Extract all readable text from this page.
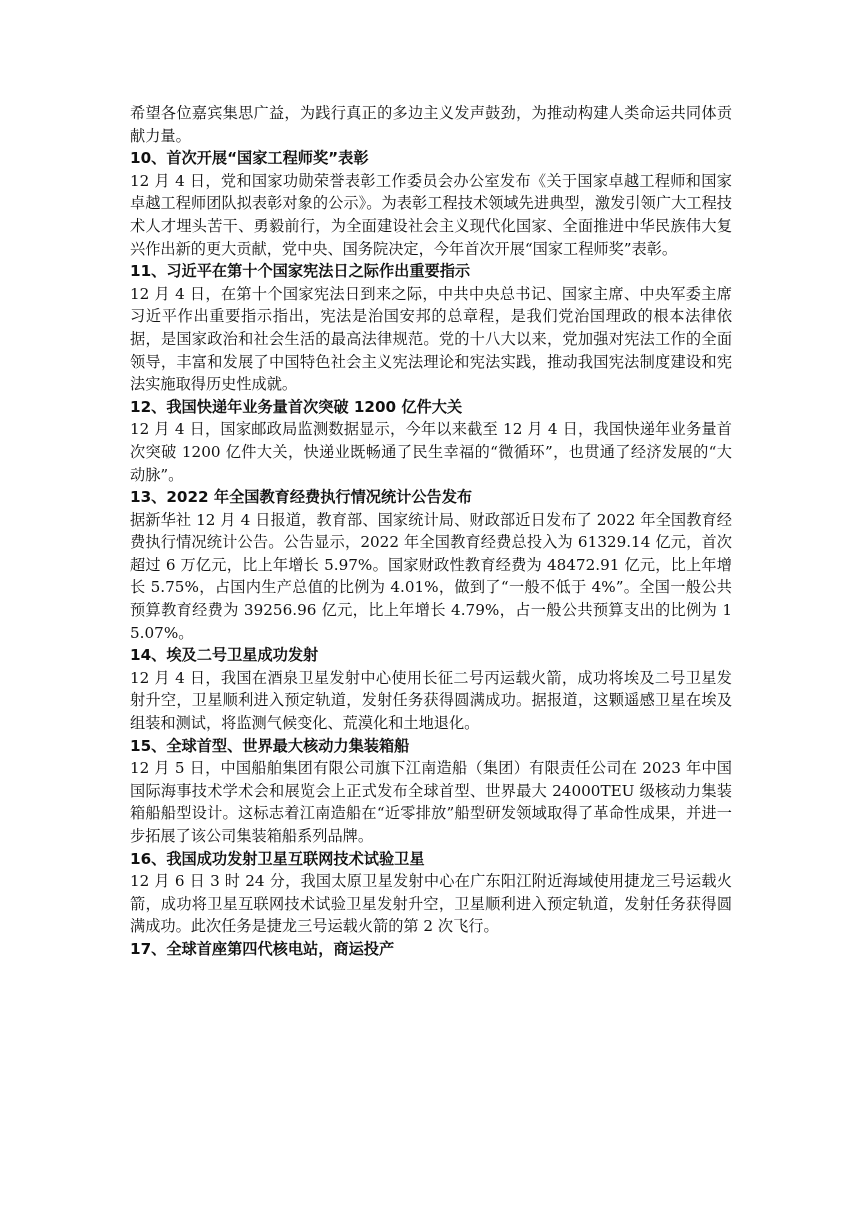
希望各位嘉宾集思广益，为践行真正的多边主义发声鼓劲，为推动构建人类命运共同体贡献力量。

10、首次开展“国家工程师奖”表彰

12 月 4 日，党和国家功勋荣誉表彰工作委员会办公室发布《关于国家卓越工程师和国家卓越工程师团队拟表彰对象的公示》。为表彰工程技术领域先进典型，激发引领广大工程技术人才埋头苦干、勇毅前行，为全面建设社会主义现代化国家、全面推进中华民族伟大复兴作出新的更大贡献，党中央、国务院决定，今年首次开展“国家工程师奖”表彰。

11、习近平在第十个国家宪法日之际作出重要指示

12 月 4 日，在第十个国家宪法日到来之际，中共中央总书记、国家主席、中央军委主席习近平作出重要指示指出，宪法是治国安邦的总章程，是我们党治国理政的根本法律依据，是国家政治和社会生活的最高法律规范。党的十八大以来，党加强对宪法工作的全面领导，丰富和发展了中国特色社会主义宪法理论和宪法实践，推动我国宪法制度建设和宪法实施取得历史性成就。

12、我国快递年业务量首次突破 1200 亿件大关

12 月 4 日，国家邮政局监测数据显示，今年以来截至 12 月 4 日，我国快递年业务量首次突破 1200 亿件大关，快递业既畅通了民生幸福的“微循环”，也贯通了经济发展的“大动脉”。

13、2022 年全国教育经费执行情况统计公告发布

据新华社 12 月 4 日报道，教育部、国家统计局、财政部近日发布了 2022 年全国教育经费执行情况统计公告。公告显示，2022 年全国教育经费总投入为 61329.14 亿元，首次超过 6 万亿元，比上年增长 5.97%。国家财政性教育经费为 48472.91 亿元，比上年增长 5.75%，占国内生产总值的比例为 4.01%，做到了“一般不低于 4%”。全国一般公共预算教育经费为 39256.96 亿元，比上年增长 4.79%，占一般公共预算支出的比例为 15.07%。

14、埃及二号卫星成功发射

12 月 4 日，我国在酒泉卫星发射中心使用长征二号丙运载火箭，成功将埃及二号卫星发射升空，卫星顺利进入预定轨道，发射任务获得圆满成功。据报道，这颗遥感卫星在埃及组装和测试，将监测气候变化、荒漠化和土地退化。

15、全球首型、世界最大核动力集装箱船

12 月 5 日，中国船舶集团有限公司旗下江南造船（集团）有限责任公司在 2023 年中国国际海事技术学术会和展览会上正式发布全球首型、世界最大 24000TEU 级核动力集装箱船船型设计。这标志着江南造船在“近零排放”船型研发领域取得了革命性成果，并进一步拓展了该公司集装箱船系列品牌。

16、我国成功发射卫星互联网技术试验卫星

12 月 6 日 3 时 24 分，我国太原卫星发射中心在广东阳江附近海域使用捷龙三号运载火箭，成功将卫星互联网技术试验卫星发射升空，卫星顺利进入预定轨道，发射任务获得圆满成功。此次任务是捷龙三号运载火箭的第 2 次飞行。

17、全球首座第四代核电站，商运投产
